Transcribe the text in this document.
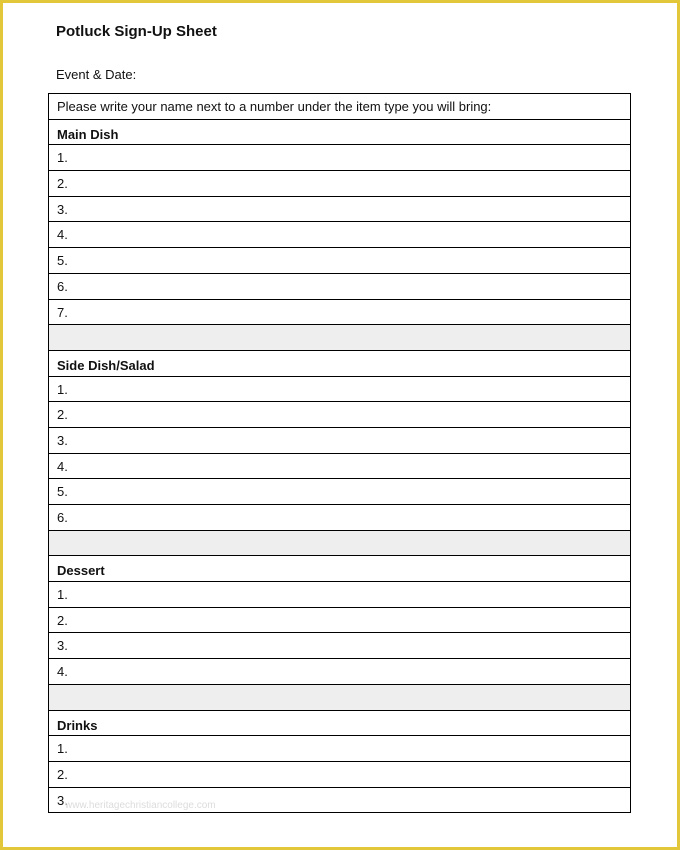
Potluck Sign-Up Sheet
Event & Date:
Please write your name next to a number under the item type you will bring:
Main Dish
1.
2.
3.
4.
5.
6.
7.
Side Dish/Salad
1.
2.
3.
4.
5.
6.
Dessert
1.
2.
3.
4.
Drinks
1.
2.
3.
www.heritagechristiancollege.com
